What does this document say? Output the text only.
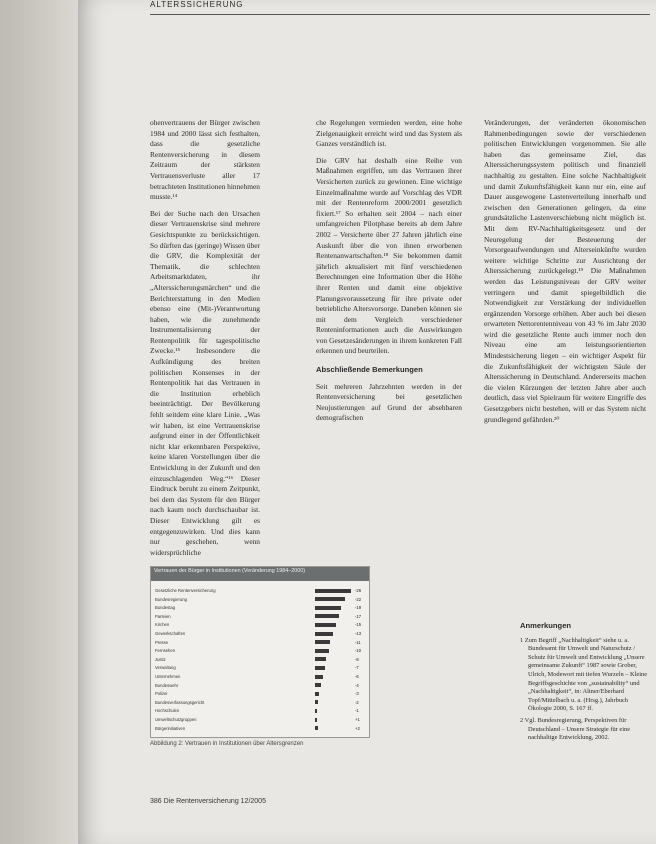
ALTERSSICHERUNG

ohenvertrauens der Bürger zwischen 1984 und 2000 lässt sich festhalten, dass die gesetzliche Rentenversicherung in diesem Zeitraum der stärksten Vertrauensverluste aller 17 betrachteten Institutionen hinnehmen musste.¹⁴

Bei der Suche nach den Ursachen dieser Vertrauenskrise sind mehrere Gesichtspunkte zu berücksichtigen. So dürften das (geringe) Wissen über die GRV, die Komplexität der Thematik, die schlechten Arbeitsmarktdaten, ihr „Alterssicherungsmärchen“ und die Berichterstattung in den Medien ebenso eine (Mit-)Verantwortung haben, wie die zunehmende Instrumentalisierung der Rentenpolitik für tagespolitische Zwecke.¹⁵ Insbesondere die Aufkündigung des breiten politischen Konsenses in der Rentenpolitik hat das Vertrauen in die Institution erheblich beeinträchtigt. Der Bevölkerung fehlt seitdem eine klare Linie. „Was wir haben, ist eine Vertrauenskrise aufgrund einer in der Öffentlichkeit nicht klar erkennbaren Perspektive, keine klaren Vorstellungen über die Entwicklung in der Zukunft und den einzuschlagenden Weg.“¹⁶ Dieser Eindruck beruht zu einem Zeitpunkt, bei dem das System für den Bürger nach kaum noch durchschaubar ist. Dieser Entwicklung gilt es entgegenzuwirken. Und dies kann nur geschehen, wenn widersprüchliche

che Regelungen vermieden werden, eine hohe Zielgenauigkeit erreicht wird und das System als Ganzes verständlich ist.

Die GRV hat deshalb eine Reihe von Maßnahmen ergriffen, um das Vertrauen ihrer Versicherten zurück zu gewinnen. Eine wichtige Einzelmaßnahme wurde auf Vorschlag des VDR mit der Rentenreform 2000/2001 gesetzlich fixiert.¹⁷ So erhalten seit 2004 – nach einer umfangreichen Pilotphase bereits ab dem Jahre 2002 – Versicherte über 27 Jahren jährlich eine Auskunft über die von ihnen erworbenen Rentenanwartschaften.¹⁸ Sie bekommen damit jährlich aktualisiert mit fünf verschiedenen Berechnungen eine Information über die Höhe ihrer Renten und damit eine objektive Planungsvoraussetzung für ihre private oder betriebliche Altersvorsorge. Daneben können sie mit dem Vergleich verschiedener Renteninformationen auch die Auswirkungen von Gesetzesänderungen in ihrem konkreten Fall erkennen und beurteilen.

Abschließende Bemerkungen

Seit mehreren Jahrzehnten werden in der Rentenversicherung bei gesetzlichen Neujustierungen auf Grund der absehbaren demografischen

Veränderungen, der veränderten ökonomischen Rahmenbedingungen sowie der verschiedenen politischen Entwicklungen vorgenommen. Sie alle haben das gemeinsame Ziel, das Alterssicherungssystem politisch und finanziell nachhaltig zu gestalten. Eine solche Nachhaltigkeit und damit Zukunftsfähigkeit kann nur ein, eine auf Dauer ausgewogene Lastenverteilung innerhalb und zwischen den Generationen gelingen, da eine grundsätzliche Lastenverschiebung nicht möglich ist. Mit dem RV-Nachhaltigkeitsgesetz und der Neuregelung der Besteuerung der Vorsorgeaufwendungen und Alterseinkünfte wurden weitere wichtige Schritte zur Ausrichtung der Alterssicherung zurückgelegt.¹⁹ Die Maßnahmen werden das Leistungsniveau der GRV weiter verringern und damit spiegelbildlich die Notwendigkeit zur Verstärkung der individuellen ergänzenden Vorsorge erhöhen. Aber auch bei diesen erwarteten Nettorentenniveau von 43 % im Jahr 2030 wird die gesetzliche Rente auch immer noch den Niveau eine am leistungsorientierten Mindestsicherung liegen – ein wichtiger Aspekt für die Zukunftsfähigkeit der wichtigsten Säule der Alterssicherung in Deutschland. Andererseits machen die vielen Kürzungen der letzten Jahre aber auch deutlich, dass viel Spielraum für weitere Eingriffe des Gesetzgebers nicht bestehen, will er das System nicht grundlegend gefährden.²⁰

Anmerkungen
1 Zum Begriff „Nachhaltigkeit“ siehe u. a. Bundesamt für Umwelt und Naturschutz / Schutz für Umwelt und Entwicklung „Unsere gemeinsame Zukunft“ 1987 sowie Grober, Ulrich, Modewort mit tiefen Wurzeln – Kleine Begriffsgeschichte von „sustainability“ und „Nachhaltigkeit“, in: Altner/Eberhard Topf/Mittelbach u. a. (Hrsg.), Jahrbuch Ökologie 2000, S. 167 ff.
2 Vgl. Bundesregierung, Perspektiven für Deutschland – Unsere Strategie für eine nachhaltige Entwicklung, 2002.
Vertrauen der Bürger in Institutionen (Veränderung 1984–2000)
Gesetzliche Rentenversicherung	-26
Bundesregierung	-22
Bundestag	-19
Parteien	-17
Kirchen	-15
Gewerkschaften	-13
Presse	-11
Fernsehen	-10
Justiz	-8
Verwaltung	-7
Unternehmen	-6
Bundeswehr	-4
Polizei	-3
Bundesverfassungsgericht	-2
Hochschulen	-1
Umweltschutzgruppen	+1
Bürgerinitiativen	+2
Abbildung 2: Vertrauen in Institutionen über Altersgrenzen
386 Die Rentenversicherung 12/2005
